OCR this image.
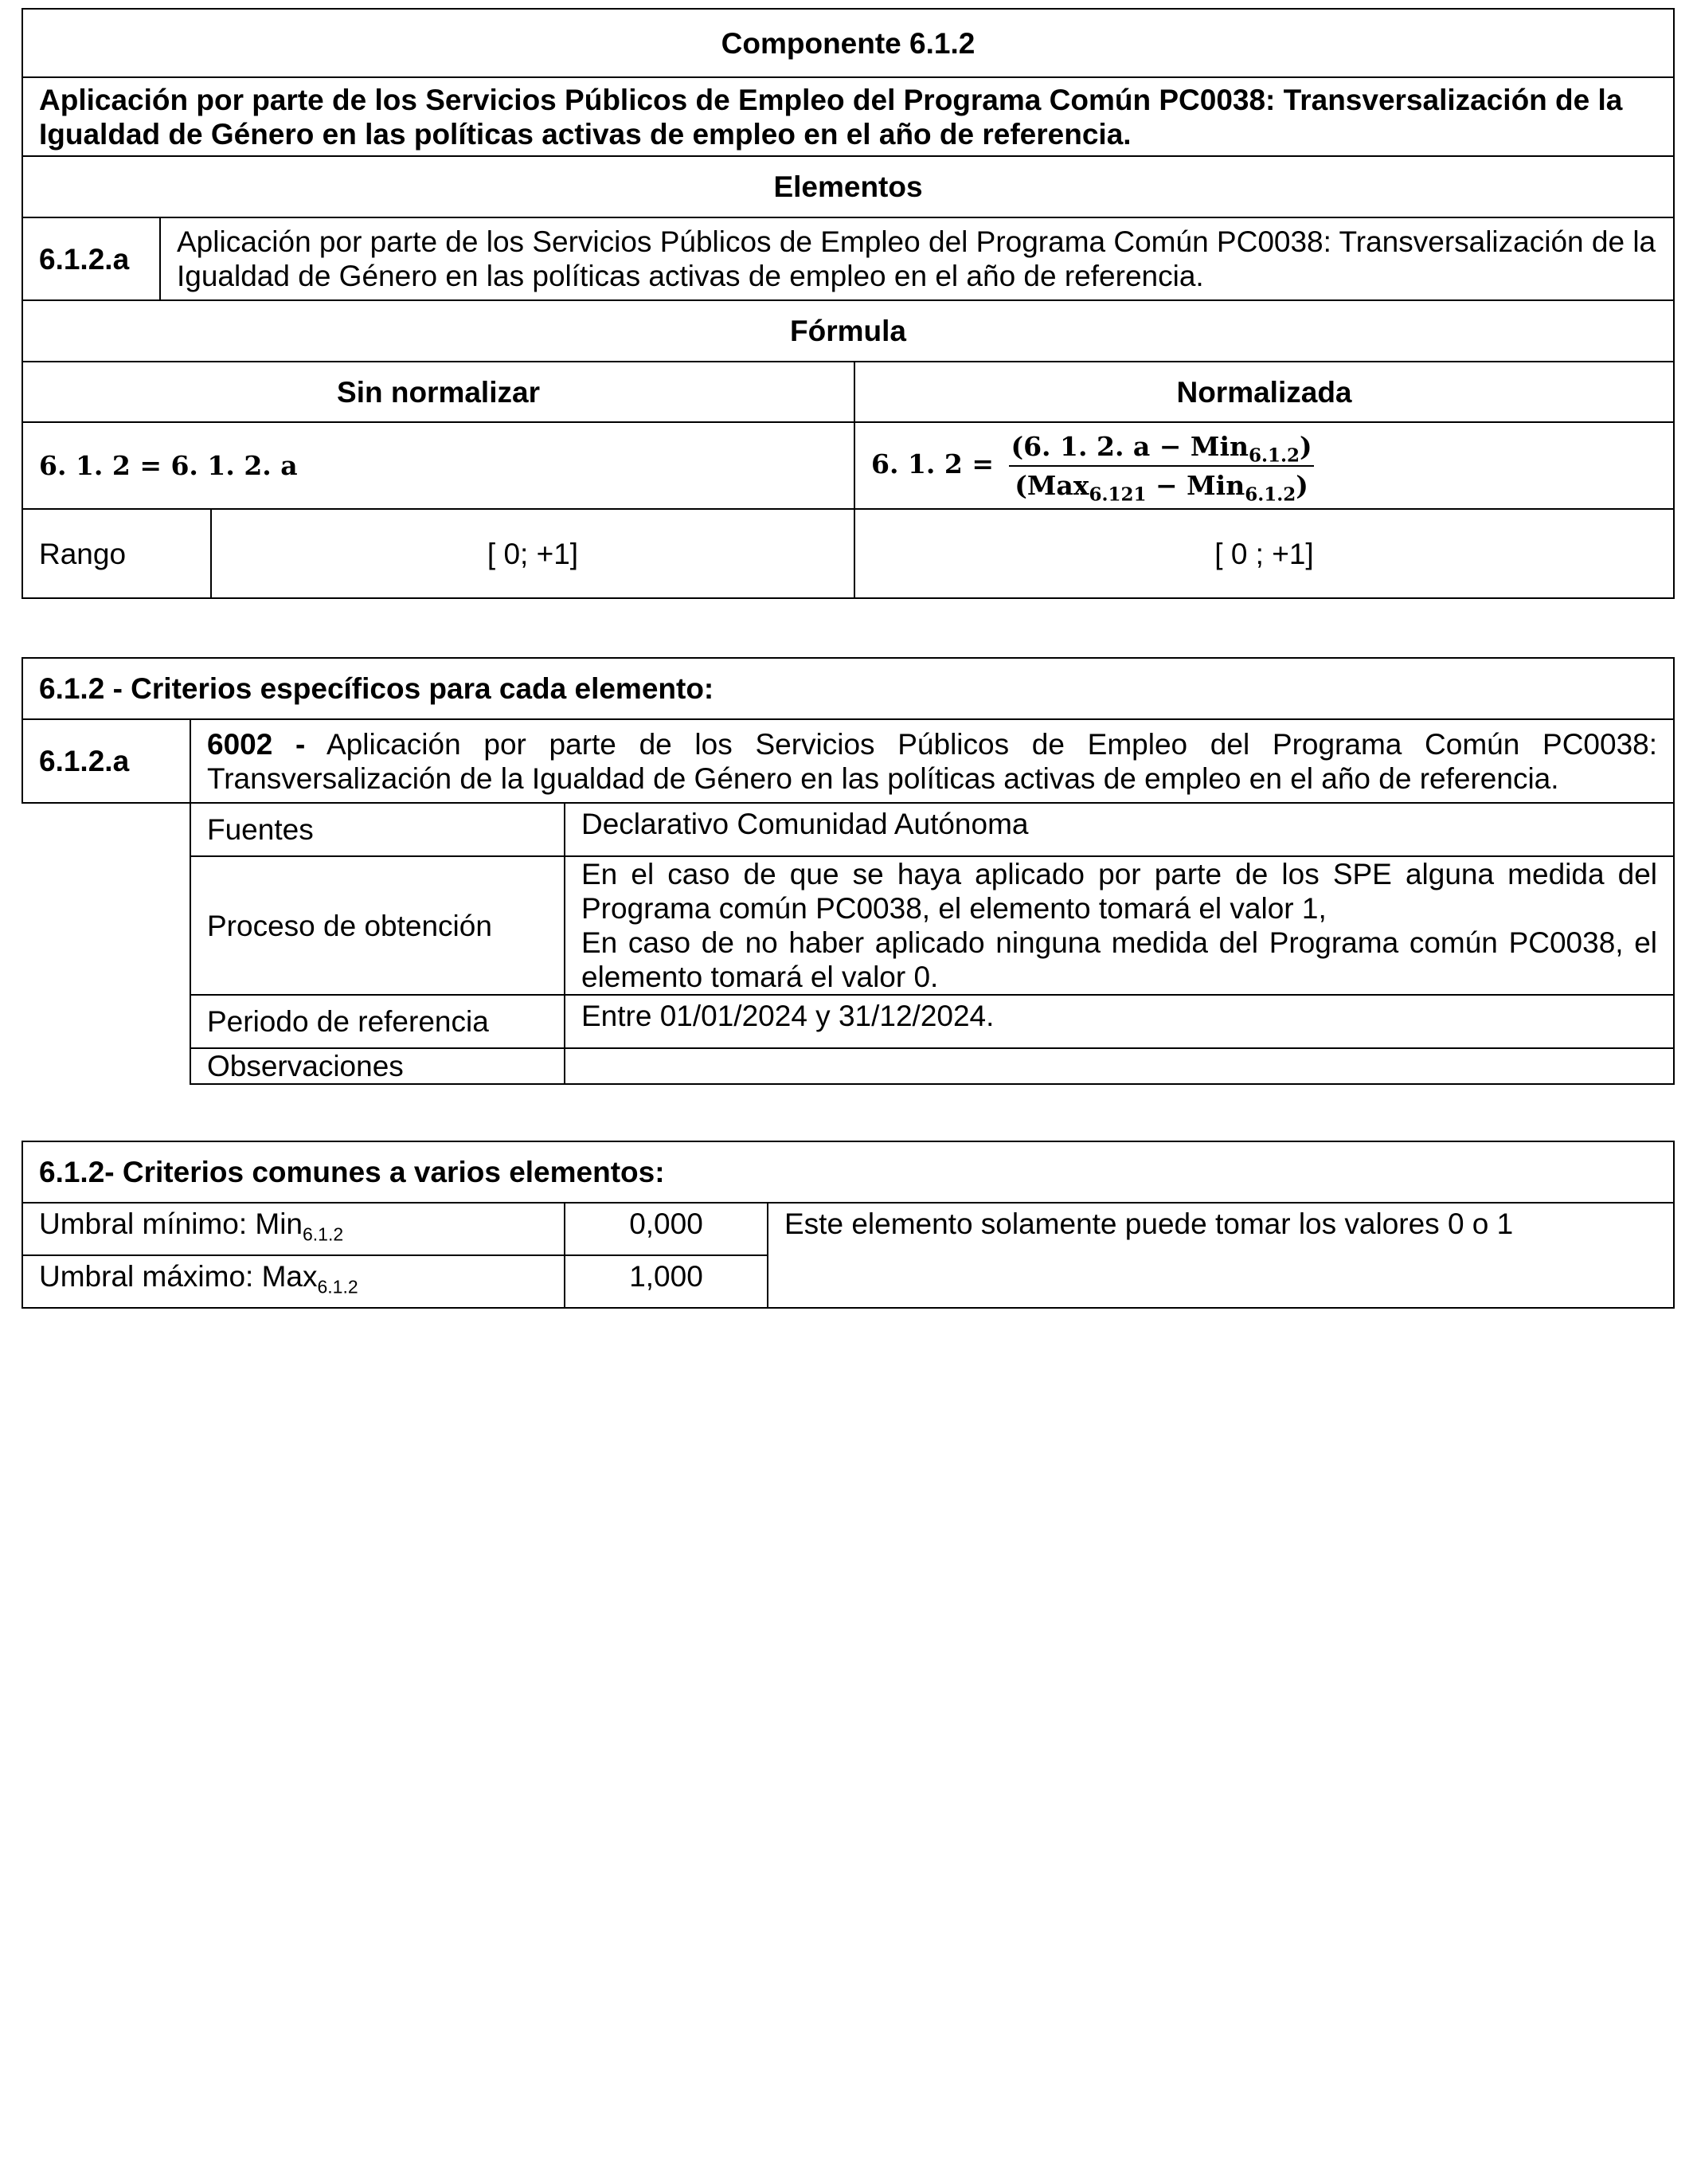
Componente 6.1.2			
Aplicación por parte de los Servicios Públicos de Empleo del Programa Común PC0038: Transversalización de la Igualdad de Género en las políticas activas de empleo en el año de referencia.			
Elementos			
6.1.2.a	Aplicación por parte de los Servicios Públicos de Empleo del Programa Común PC0038: Transversalización de la Igualdad de Género en las políticas activas de empleo en el año de referencia.		
Fórmula			
Sin normalizar			Normalizada
6. 1. 2 = 6. 1. 2. a			6. 1. $2 = \frac{(6. 1. 2. a - Min_{6.1.2})}{(Max_{6.121} - Min_{6.1.2})}$

Rango		[ 0; +1]	[ 0 ; +1]
6.1.2 - Criterios específicos para cada elemento:		
6.1.2.a	6002 - Aplicación por parte de los Servicios Públicos de Empleo del Programa Común PC0038: Transversalización de la Igualdad de Género en las políticas activas de empleo en el año de referencia.	
	Fuentes	Declarativo Comunidad Autónoma
	Proceso de obtención	En el caso de que se haya aplicado por parte de los SPE alguna medida del Programa común PC0038, el elemento tomará el valor 1,
En caso de no haber aplicado ninguna medida del Programa común PC0038, el elemento tomará el valor 0.

	Periodo de referencia	Entre 01/01/2024 y 31/12/2024.
	Observaciones	
6.1.2- Criterios comunes a varios elementos:		
Umbral mínimo: Min$_{6.1.2}$	0,000	Este elemento solamente puede tomar los valores 0 o 1
Umbral máximo: Max$_{6.1.2}$	1,000	
